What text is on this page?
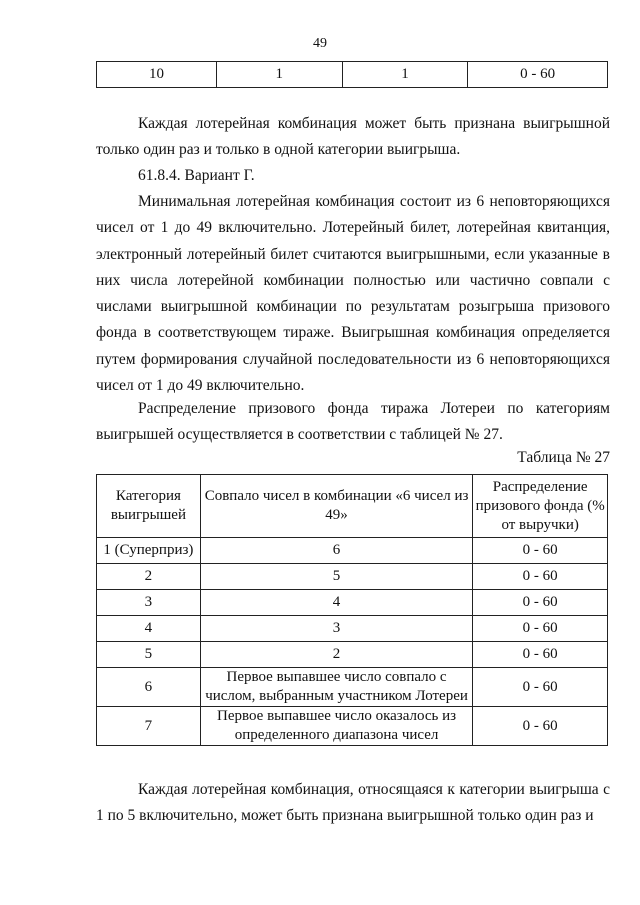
49
10	1	1	0 - 60

Каждая лотерейная комбинация может быть признана выигрышной только один раз и только в одной категории выигрыша.

61.8.4. Вариант Г.

Минимальная лотерейная комбинация состоит из 6 неповторяющихся чисел от 1 до 49 включительно. Лотерейный билет, лотерейная квитанция, электронный лотерейный билет считаются выигрышными, если указанные в них числа лотерейной комбинации полностью или частично совпали с числами выигрышной комбинации по результатам розыгрыша призового фонда в соответствующем тираже. Выигрышная комбинация определяется путем формирования случайной последовательности из 6 неповторяющихся чисел от 1 до 49 включительно.

Распределение призового фонда тиража Лотереи по категориям выигрышей осуществляется в соответствии с таблицей № 27.

Таблица № 27
Категория выигрышей	Совпало чисел в комбинации «6 чисел из 49»	Распределение призового фонда (% от выручки)
1 (Суперприз)	6	0 - 60
2	5	0 - 60
3	4	0 - 60
4	3	0 - 60
5	2	0 - 60
6	Первое выпавшее число совпало с числом, выбранным участником Лотереи	0 - 60
7	Первое выпавшее число оказалось из определенного диапазона чисел	0 - 60

Каждая лотерейная комбинация, относящаяся к категории выигрыша с 1 по 5 включительно, может быть признана выигрышной только один раз и
